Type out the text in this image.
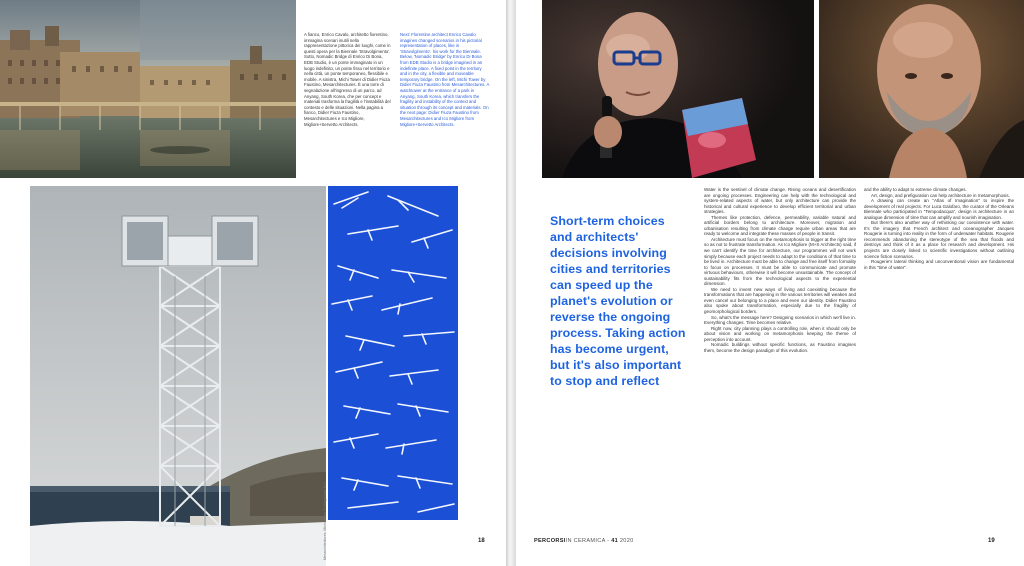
A fianco, Enrico Cavalo, architetto fiorentino, immagina scenari inutili nella rappresentazione pittorica dei luoghi, come in questi opera per la Biennale 'Stravolgimento'. Sotto, Nomadic Bridge di Enrico Di Bona, EDB Studio, è un ponte immaginato in un luogo indefinito, un ponte fisso nel territorio e nella città, un ponte temporaneo, flessibile e mobile. A sinistra, Michi Tower di Didier Fiuza Faustino, Mesarchitectures. È una torre di segnalazione all'ingresso di un parco, ad Anyang, South Korea, che per concept e materiali trasforma la fragilità e l'instabilità del contesto e delle situazioni. Nella pagina a fianco, Didier Fiuza Faustino, Mesarchitectures e Ico Migliore, Migliore+Servetto Architects.
Next: Florentine architect Enrico Cavalo imagines changed scenarios in his pictorial representation of places, like in 'Stravolgimento'. his work for the Biennale. Below, 'Nomadic Bridge' by Enrico Di Bona from EDB Studio is a bridge imagined in an indefinite place. A fixed point in the territory and in the city, a flexible and moveable temporary bridge. On the left, Michi Tower by Didier Fiuza Faustino from Mesarchitectures. A watchtower at the entrance of a park in Anyang, South Korea, which transfers the fragility and instability of the context and situation through its concept and materials. On the next page: Didier Fiuza Faustino from Mesarchitectures and Ico Migliore from Migliore+Servetto Architects.
Mesarchitectures, Michi Tower © Yong-Kwan Kim	18
Short-term choices and architects' decisions involving cities and territories can speed up the planet's evolution or reverse the ongoing process. Taking action has become urgent, but it's also important to stop and reflect

Water is the sentinel of climate change. Rising oceans and desertification are ongoing processes. Engineering can help with the technological and system-related aspects of water, but only architecture can provide the historical and cultural experience to develop efficient territorial and urban strategies.

Themes like protection, defence, permeability, variable natural and artificial borders belong to architecture. Moreover, migration and urbanisation resulting from climate change require urban areas that are ready to welcome and integrate these masses of people in transit.

Architecture must focus on the metamorphosis to trigger at the right time so as not to frustrate transformation. As Ico Migliore (M+S Architects) said, if we can't identify the time for architecture, our programmes will not work simply because each project needs to adapt to the conditions of that time to be lived in. Architecture must be able to change and free itself from formality to focus on processes. It must be able to communicate and promote virtuous behaviours, otherwise it will become unsustainable. The concept of sustainability fits from the technological aspects to the experiential dimension.

We need to invent new ways of living and coexisting because the transformations that are happening in the various territories will weaken and even cancel our belonging to a place and even our identity. Didier Faustino also spoke about transformation, especially due to the fragility of geomorphological borders.

So, what's the message here? Designing scenarios in which we'll live in. Everything changes. Time becomes relative.

Right now, city planning plays a controlling role, when it should only be about vision and working on metamorphosis keeping the theme of perception into account.

Nomadic buildings without specific functions, as Faustino imagines them, become the design paradigm of this evolution.

and the ability to adapt to extreme climate changes.

Art, design, and prefiguration can help architecture in metamorphosis.

A drawing can create an "Atlas of Imagination" to inspire the development of real projects. For Luca Galofaro, the curator of the Orleans Biennale who participated in "Tempodacqua", design is architecture in an analogue dimension of time that can amplify and nourish imagination.

But there's also another way of rethinking our coexistence with water. It's the imagery that French architect and oceanographer Jacques Rougerie is turning into reality in the form of underwater habitats. Rougerie recommends abandoning the stereotype of the sea that floods and destroys and think of it as a place for research and development. His projects are closely linked to scientific investigations without outlining science fiction scenarios.

Rougerie's lateral thinking and unconventional vision are fundamental in this "time of water".

PERCORSIIN CERAMICA - 41 2020	19
